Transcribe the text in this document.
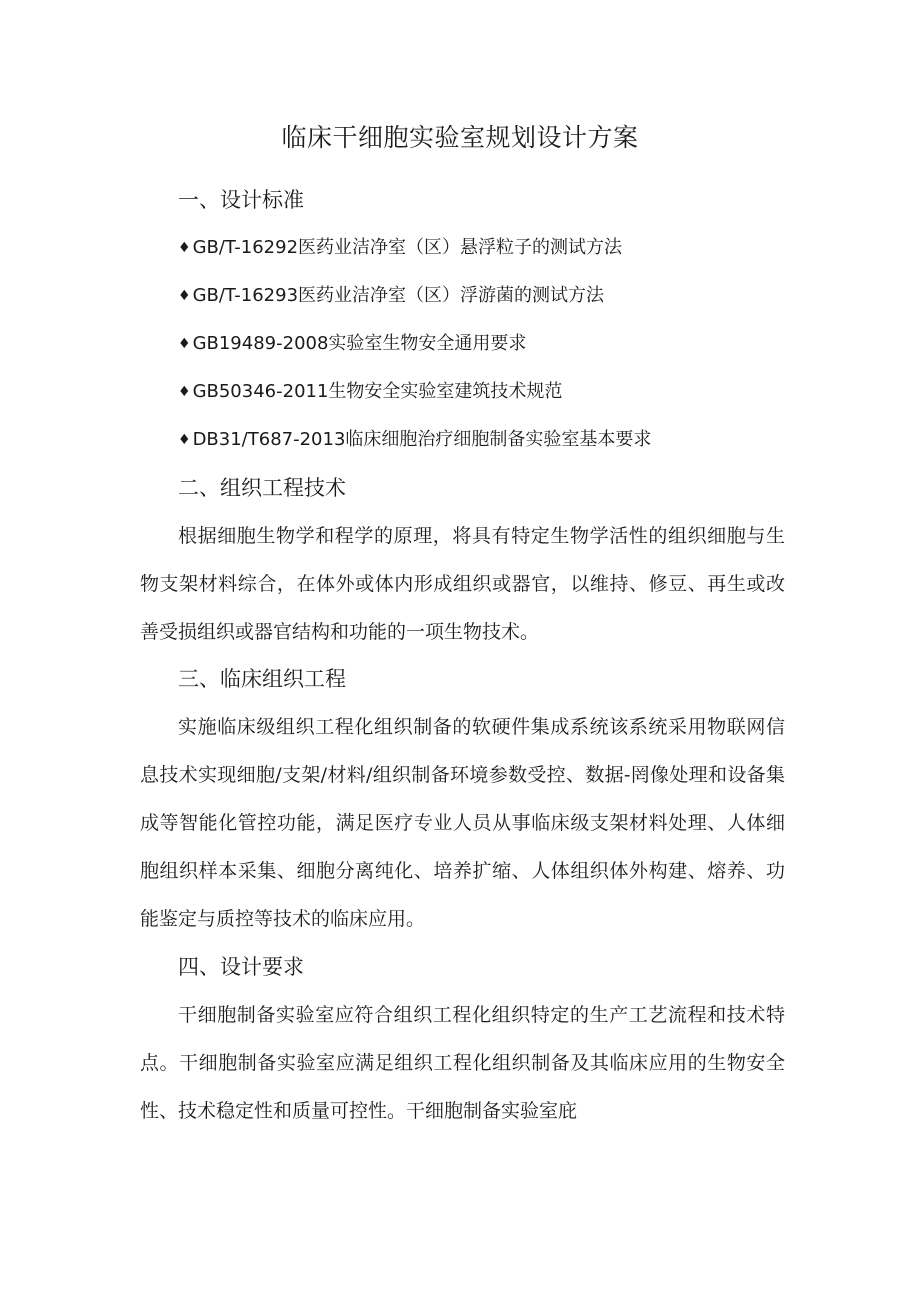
临床干细胞实验室规划设计方案
一、设计标准
♦ GB/T-16292医药业洁净室（区）悬浮粒子的测试方法
♦ GB/T-16293医药业洁净室（区）浮游菌的测试方法
♦ GB19489-2008实验室生物安全通用要求
♦ GB50346-2011生物安全实验室建筑技术规范
♦ DB31/T687-2013临床细胞治疗细胞制备实验室基本要求
二、组织工程技术
根据细胞生物学和程学的原理，将具有特定生物学活性的组织细胞与生物支架材料综合，在体外或体内形成组织或器官，以维持、修豆、再生或改善受损组织或器官结构和功能的一项生物技术。
三、临床组织工程
实施临床级组织工程化组织制备的软硬件集成系统该系统采用物联网信息技术实现细胞/支架/材料/组织制备环境参数受控、数据-罔像处理和设备集成等智能化管控功能，满足医疗专业人员从事临床级支架材料处理、人体细胞组织样本采集、细胞分离纯化、培养扩缩、人体组织体外构建、熔养、功能鉴定与质控等技术的临床应用。
四、设计要求
干细胞制备实验室应符合组织工程化组织特定的生产工艺流程和技术特点。干细胞制备实验室应满足组织工程化组织制备及其临床应用的生物安全性、技术稳定性和质量可控性。干细胞制备实验室庇
